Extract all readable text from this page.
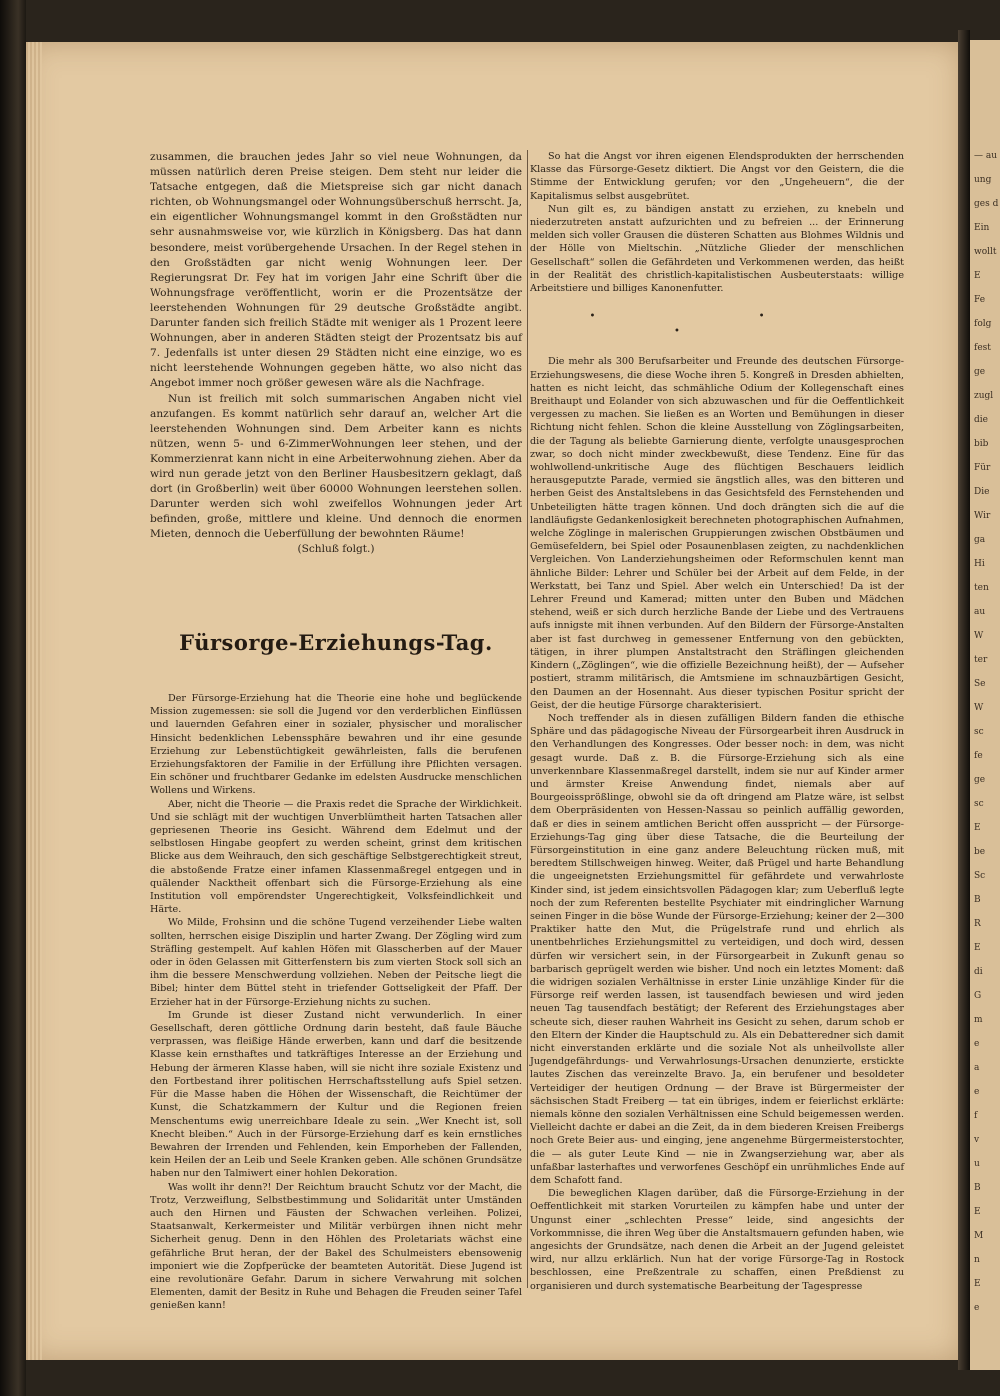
— au
ung
ges d
Ein
wollt
E
Fe
folg
fest
ge
zugl
die
bib
Für
Die
Wir
ga
Hi
ten
au
W
ter
Se
W
sc
fe
ge
sc
E
be
Sc
B
R
E
di
G
m
e
a
e
f
v
u
B
E
M
n
E
e

zusammen, die brauchen jedes Jahr so viel neue Wohnungen, da müssen natürlich deren Preise steigen. Dem steht nur leider die Tatsache entgegen, daß die Mietspreise sich gar nicht danach richten, ob Wohnungsmangel oder Wohnungsüberschuß herrscht. Ja, ein eigentlicher Wohnungsmangel kommt in den Großstädten nur sehr ausnahmsweise vor, wie kürzlich in Königsberg. Das hat dann besondere, meist vorübergehende Ursachen. In der Regel stehen in den Großstädten gar nicht wenig Wohnungen leer. Der Regierungsrat Dr. Fey hat im vorigen Jahr eine Schrift über die Wohnungsfrage veröffentlicht, worin er die Prozentsätze der leerstehenden Wohnungen für 29 deutsche Großstädte angibt. Darunter fanden sich freilich Städte mit weniger als 1 Prozent leere Wohnungen, aber in anderen Städten steigt der Prozentsatz bis auf 7. Jedenfalls ist unter diesen 29 Städten nicht eine einzige, wo es nicht leerstehende Wohnungen gegeben hätte, wo also nicht das Angebot immer noch größer gewesen wäre als die Nachfrage.

Nun ist freilich mit solch summarischen Angaben nicht viel anzufangen. Es kommt natürlich sehr darauf an, welcher Art die leerstehenden Wohnungen sind. Dem Arbeiter kann es nichts nützen, wenn 5- und 6-ZimmerWohnungen leer stehen, und der Kommerzienrat kann nicht in eine Arbeiterwohnung ziehen. Aber da wird nun gerade jetzt von den Berliner Hausbesitzern geklagt, daß dort (in Großberlin) weit über 60000 Wohnungen leerstehen sollen. Darunter werden sich wohl zweifellos Wohnungen jeder Art befinden, große, mittlere und kleine. Und dennoch die enormen Mieten, dennoch die Ueberfüllung der bewohnten Räume!

(Schluß folgt.)

Fürsorge-Erziehungs-Tag.

Der Fürsorge-Erziehung hat die Theorie eine hohe und beglückende Mission zugemessen: sie soll die Jugend vor den verderblichen Einflüssen und lauernden Gefahren einer in sozialer, physischer und moralischer Hinsicht bedenklichen Lebenssphäre bewahren und ihr eine gesunde Erziehung zur Lebenstüchtigkeit gewährleisten, falls die berufenen Erziehungsfaktoren der Familie in der Erfüllung ihre Pflichten versagen. Ein schöner und fruchtbarer Gedanke im edelsten Ausdrucke menschlichen Wollens und Wirkens.

Aber, nicht die Theorie — die Praxis redet die Sprache der Wirklichkeit. Und sie schlägt mit der wuchtigen Unverblümtheit harten Tatsachen aller gepriesenen Theorie ins Gesicht. Während dem Edelmut und der selbstlosen Hingabe geopfert zu werden scheint, grinst dem kritischen Blicke aus dem Weihrauch, den sich geschäftige Selbstgerechtigkeit streut, die abstoßende Fratze einer infamen Klassenmaßregel entgegen und in quälender Nacktheit offenbart sich die Fürsorge-Erziehung als eine Institution voll empörendster Ungerechtigkeit, Volksfeindlichkeit und Härte.

Wo Milde, Frohsinn und die schöne Tugend verzeihender Liebe walten sollten, herrschen eisige Disziplin und harter Zwang. Der Zögling wird zum Sträfling gestempelt. Auf kahlen Höfen mit Glasscherben auf der Mauer oder in öden Gelassen mit Gitterfenstern bis zum vierten Stock soll sich an ihm die bessere Menschwerdung vollziehen. Neben der Peitsche liegt die Bibel; hinter dem Büttel steht in triefender Gottseligkeit der Pfaff. Der Erzieher hat in der Fürsorge-Erziehung nichts zu suchen.

Im Grunde ist dieser Zustand nicht verwunderlich. In einer Gesellschaft, deren göttliche Ordnung darin besteht, daß faule Bäuche verprassen, was fleißige Hände erwerben, kann und darf die besitzende Klasse kein ernsthaftes und tatkräftiges Interesse an der Erziehung und Hebung der ärmeren Klasse haben, will sie nicht ihre soziale Existenz und den Fortbestand ihrer politischen Herrschaftsstellung aufs Spiel setzen. Für die Masse haben die Höhen der Wissenschaft, die Reichtümer der Kunst, die Schatzkammern der Kultur und die Regionen freien Menschentums ewig unerreichbare Ideale zu sein. „Wer Knecht ist, soll Knecht bleiben.“ Auch in der Fürsorge-Erziehung darf es kein ernstliches Bewahren der Irrenden und Fehlenden, kein Emporheben der Fallenden, kein Heilen der an Leib und Seele Kranken geben. Alle schönen Grundsätze haben nur den Talmiwert einer hohlen Dekoration.

Was wollt ihr denn?! Der Reichtum braucht Schutz vor der Macht, die Trotz, Verzweiflung, Selbstbestimmung und Solidarität unter Umständen auch den Hirnen und Fäusten der Schwachen verleihen. Polizei, Staatsanwalt, Kerkermeister und Militär verbürgen ihnen nicht mehr Sicherheit genug. Denn in den Höhlen des Proletariats wächst eine gefährliche Brut heran, der der Bakel des Schulmeisters ebensowenig imponiert wie die Zopfperücke der beamteten Autorität. Diese Jugend ist eine revolutionäre Gefahr. Darum in sichere Verwahrung mit solchen Elementen, damit der Besitz in Ruhe und Behagen die Freuden seiner Tafel genießen kann!

So hat die Angst vor ihren eigenen Elendsprodukten der herrschenden Klasse das Fürsorge-Gesetz diktiert. Die Angst vor den Geistern, die die Stimme der Entwicklung gerufen; vor den „Ungeheuern“, die der Kapitalismus selbst ausgebrütet.

Nun gilt es, zu bändigen anstatt zu erziehen, zu knebeln und niederzutreten anstatt aufzurichten und zu befreien ... der Erinnerung melden sich voller Grausen die düsteren Schatten aus Blohmes Wildnis und der Hölle von Mieltschin. „Nützliche Glieder der menschlichen Gesellschaft“ sollen die Gefährdeten und Verkommenen werden, das heißt in der Realität des christlich-kapitalistischen Ausbeuterstaats: willige Arbeitstiere und billiges Kanonenfutter.

• • •

Die mehr als 300 Berufsarbeiter und Freunde des deutschen Fürsorge-Erziehungswesens, die diese Woche ihren 5. Kongreß in Dresden abhielten, hatten es nicht leicht, das schmähliche Odium der Kollegenschaft eines Breithaupt und Eolander von sich abzuwaschen und für die Oeffentlichkeit vergessen zu machen. Sie ließen es an Worten und Bemühungen in dieser Richtung nicht fehlen. Schon die kleine Ausstellung von Zöglingsarbeiten, die der Tagung als beliebte Garnierung diente, verfolgte unausgesprochen zwar, so doch nicht minder zweckbewußt, diese Tendenz. Eine für das wohlwollend-unkritische Auge des flüchtigen Beschauers leidlich herausgeputzte Parade, vermied sie ängstlich alles, was den bitteren und herben Geist des Anstaltslebens in das Gesichtsfeld des Fernstehenden und Unbeteiligten hätte tragen können. Und doch drängten sich die auf die landläufigste Gedankenlosigkeit berechneten photographischen Aufnahmen, welche Zöglinge in malerischen Gruppierungen zwischen Obstbäumen und Gemüsefeldern, bei Spiel oder Posaunenblasen zeigten, zu nachdenklichen Vergleichen. Von Landerziehungsheimen oder Reformschulen kennt man ähnliche Bilder: Lehrer und Schüler bei der Arbeit auf dem Felde, in der Werkstatt, bei Tanz und Spiel. Aber welch ein Unterschied! Da ist der Lehrer Freund und Kamerad; mitten unter den Buben und Mädchen stehend, weiß er sich durch herzliche Bande der Liebe und des Vertrauens aufs innigste mit ihnen verbunden. Auf den Bildern der Fürsorge-Anstalten aber ist fast durchweg in gemessener Entfernung von den gebückten, tätigen, in ihrer plumpen Anstaltstracht den Sträflingen gleichenden Kindern („Zöglingen“, wie die offizielle Bezeichnung heißt), der — Aufseher postiert, stramm militärisch, die Amtsmiene im schnauzbärtigen Gesicht, den Daumen an der Hosennaht. Aus dieser typischen Positur spricht der Geist, der die heutige Fürsorge charakterisiert.

Noch treffender als in diesen zufälligen Bildern fanden die ethische Sphäre und das pädagogische Niveau der Fürsorgearbeit ihren Ausdruck in den Verhandlungen des Kongresses. Oder besser noch: in dem, was nicht gesagt wurde. Daß z. B. die Fürsorge-Erziehung sich als eine unverkennbare Klassenmaßregel darstellt, indem sie nur auf Kinder armer und ärmster Kreise Anwendung findet, niemals aber auf Bourgeoissprößlinge, obwohl sie da oft dringend am Platze wäre, ist selbst dem Oberpräsidenten von Hessen-Nassau so peinlich auffällig geworden, daß er dies in seinem amtlichen Bericht offen ausspricht — der Fürsorge-Erziehungs-Tag ging über diese Tatsache, die die Beurteilung der Fürsorgeinstitution in eine ganz andere Beleuchtung rücken muß, mit beredtem Stillschweigen hinweg. Weiter, daß Prügel und harte Behandlung die ungeeignetsten Erziehungsmittel für gefährdete und verwahrloste Kinder sind, ist jedem einsichtsvollen Pädagogen klar; zum Ueberfluß legte noch der zum Referenten bestellte Psychiater mit eindringlicher Warnung seinen Finger in die böse Wunde der Fürsorge-Erziehung; keiner der 2—300 Praktiker hatte den Mut, die Prügelstrafe rund und ehrlich als unentbehrliches Erziehungsmittel zu verteidigen, und doch wird, dessen dürfen wir versichert sein, in der Fürsorgearbeit in Zukunft genau so barbarisch geprügelt werden wie bisher. Und noch ein letztes Moment: daß die widrigen sozialen Verhältnisse in erster Linie unzählige Kinder für die Fürsorge reif werden lassen, ist tausendfach bewiesen und wird jeden neuen Tag tausendfach bestätigt; der Referent des Erziehungstages aber scheute sich, dieser rauhen Wahrheit ins Gesicht zu sehen, darum schob er den Eltern der Kinder die Hauptschuld zu. Als ein Debatteredner sich damit nicht einverstanden erklärte und die soziale Not als unheilvollste aller Jugendgefährdungs- und Verwahrlosungs-Ursachen denunzierte, erstickte lautes Zischen das vereinzelte Bravo. Ja, ein berufener und besoldeter Verteidiger der heutigen Ordnung — der Brave ist Bürgermeister der sächsischen Stadt Freiberg — tat ein übriges, indem er feierlichst erklärte: niemals könne den sozialen Verhältnissen eine Schuld beigemessen werden. Vielleicht dachte er dabei an die Zeit, da in dem biederen Kreisen Freibergs noch Grete Beier aus- und einging, jene angenehme Bürgermeisterstochter, die — als guter Leute Kind — nie in Zwangserziehung war, aber als unfaßbar lasterhaftes und verworfenes Geschöpf ein unrühmliches Ende auf dem Schafott fand.

Die beweglichen Klagen darüber, daß die Fürsorge-Erziehung in der Oeffentlichkeit mit starken Vorurteilen zu kämpfen habe und unter der Ungunst einer „schlechten Presse“ leide, sind angesichts der Vorkommnisse, die ihren Weg über die Anstaltsmauern gefunden haben, wie angesichts der Grundsätze, nach denen die Arbeit an der Jugend geleistet wird, nur allzu erklärlich. Nun hat der vorige Fürsorge-Tag in Rostock beschlossen, eine Preßzentrale zu schaffen, einen Preßdienst zu organisieren und durch systematische Bearbeitung der Tagespresse
